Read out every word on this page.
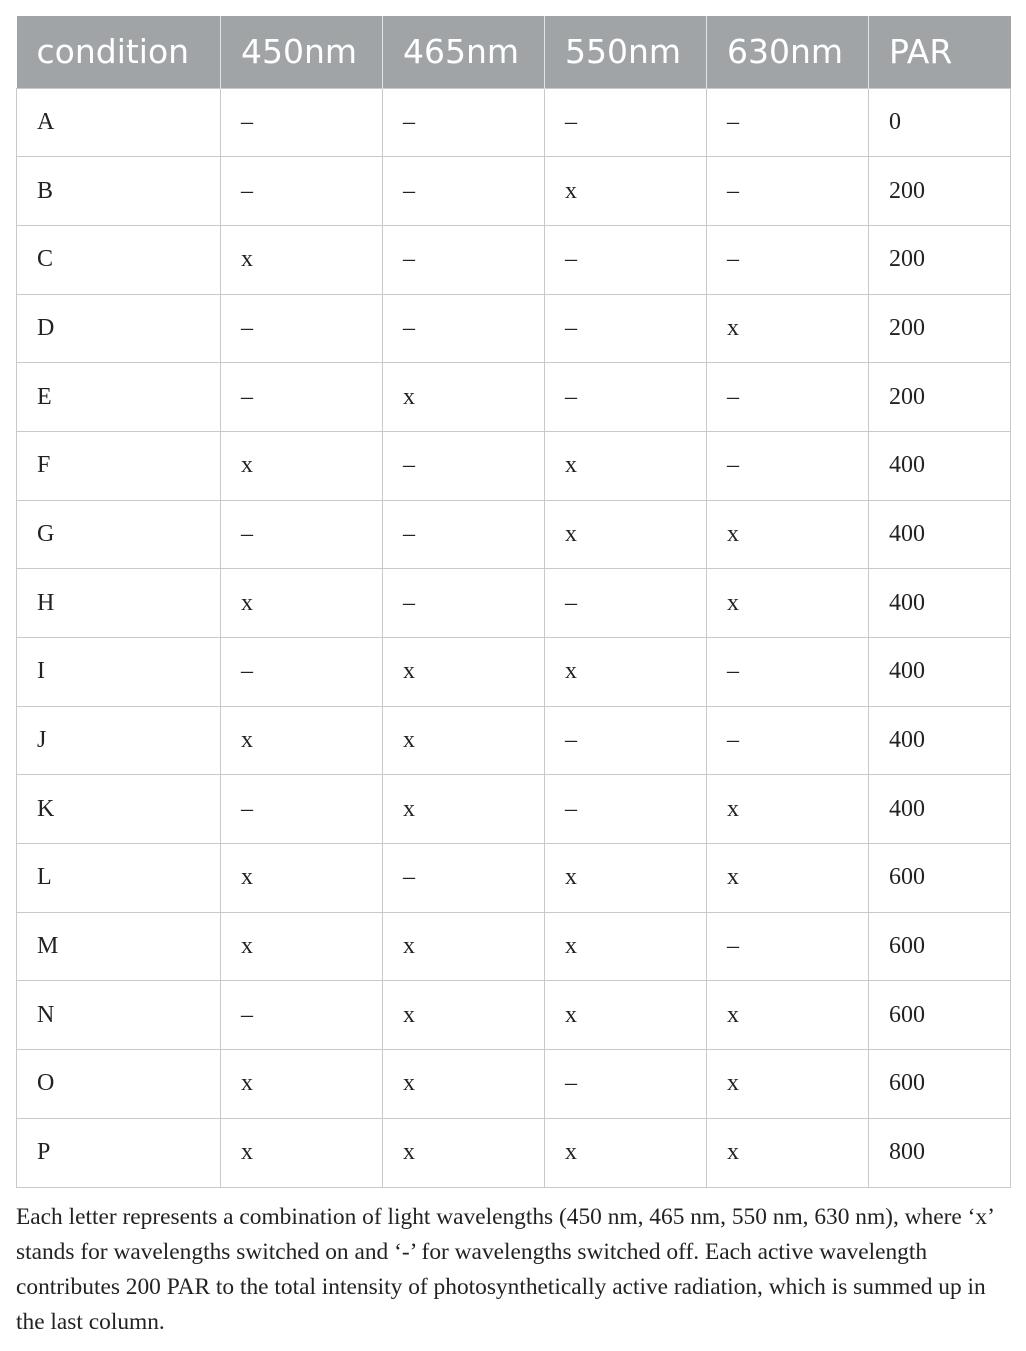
condition	450nm	465nm	550nm	630nm	PAR
A	–	–	–	–	0
B	–	–	x	–	200
C	x	–	–	–	200
D	–	–	–	x	200
E	–	x	–	–	200
F	x	–	x	–	400
G	–	–	x	x	400
H	x	–	–	x	400
I	–	x	x	–	400
J	x	x	–	–	400
K	–	x	–	x	400
L	x	–	x	x	600
M	x	x	x	–	600
N	–	x	x	x	600
O	x	x	–	x	600
P	x	x	x	x	800

Each letter represents a combination of light wavelengths (450 nm, 465 nm, 550 nm, 630 nm), where ‘x’ stands for wavelengths switched on and ‘-’ for wavelengths switched off. Each active wavelength contributes 200 PAR to the total intensity of photosynthetically active radiation, which is summed up in the last column.
